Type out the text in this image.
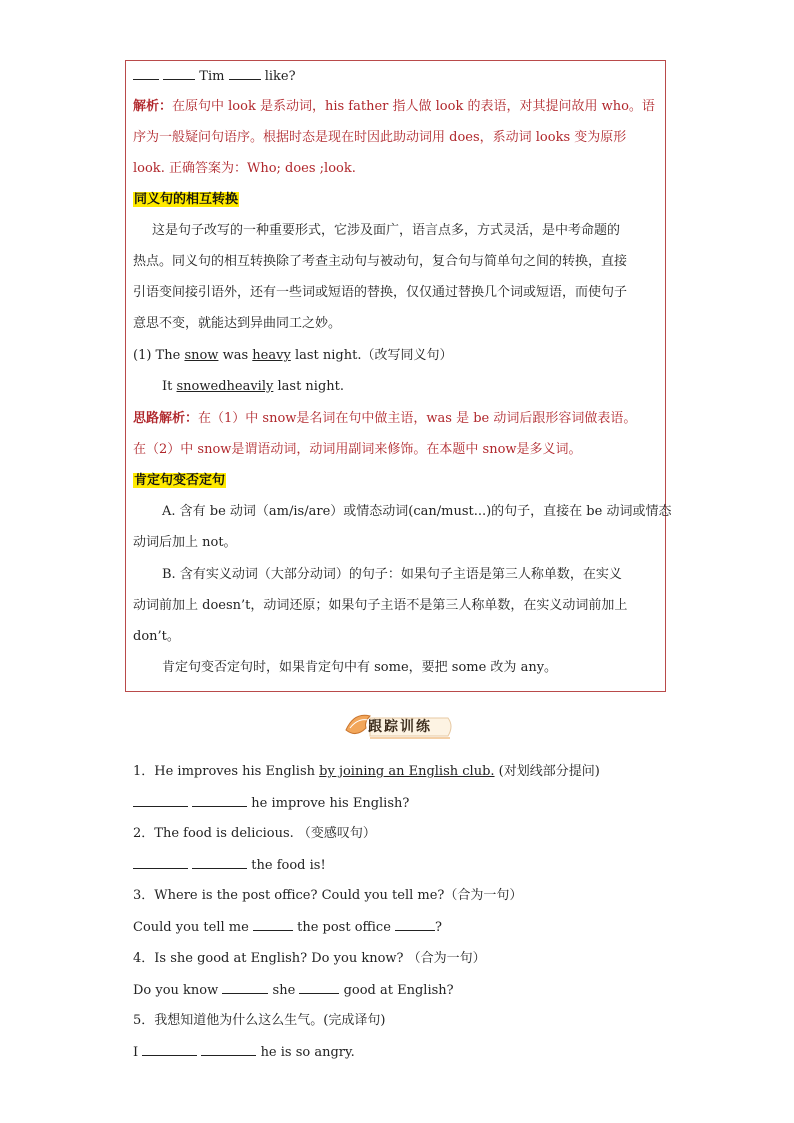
Tim	like?
解析：在原句中 look 是系动词，his father 指人做 look 的表语，对其提问故用 who。语
序为一般疑问句语序。根据时态是现在时因此助动词用 does，系动词 looks 变为原形
look. 正确答案为：Who; does ;look.
同义句的相互转换
这是句子改写的一种重要形式，它涉及面广，语言点多，方式灵活，是中考命题的
热点。同义句的相互转换除了考查主动句与被动句，复合句与简单句之间的转换，直接
引语变间接引语外，还有一些词或短语的替换，仅仅通过替换几个词或短语，而使句子
意思不变，就能达到异曲同工之妙。
(1) The snow was heavy last night.（改写同义句）
It snowedheavily last night.
思路解析：在（1）中 snow是名词在句中做主语，was 是 be 动词后跟形容词做表语。
在（2）中 snow是谓语动词，动词用副词来修饰。在本题中 snow是多义词。
肯定句变否定句
A. 含有 be 动词（am/is/are）或情态动词(can/must...)的句子，直接在 be 动词或情态
动词后加上 not。
B. 含有实义动词（大部分动词）的句子：如果句子主语是第三人称单数，在实义
动词前加上 doesn’t，动词还原；如果句子主语不是第三人称单数，在实义动词前加上
don’t。
肯定句变否定句时，如果肯定句中有 some，要把 some 改为 any。
跟踪训练
1．He improves his English by joining an English club. (对划线部分提问)
he improve his English?
2．The food is delicious. （变感叹句）
the food is!
3．Where is the post office? Could you tell me?（合为一句）
Could you tell me	the post office	?
4．Is she good at English? Do you know? （合为一句）
Do you know	she	good at English?
5．我想知道他为什么这么生气。(完成译句)
I	he is so angry.
